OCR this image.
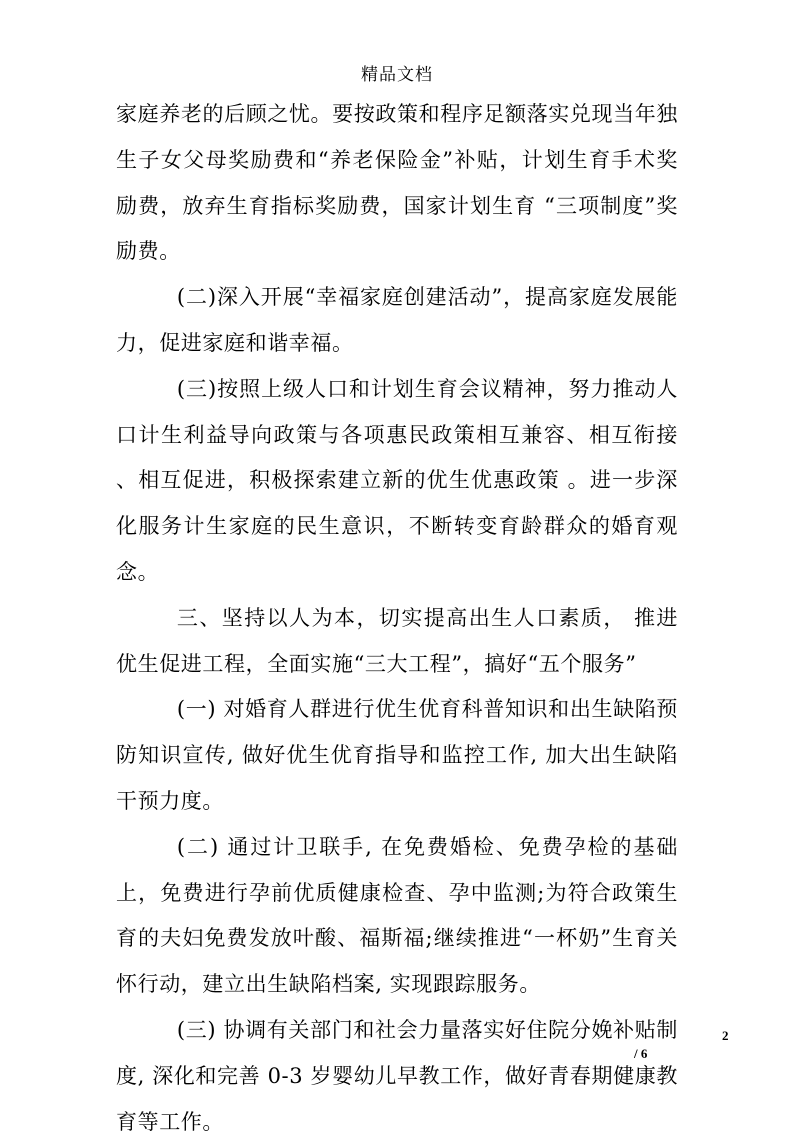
精品文档

家庭养老的后顾之忧。要按政策和程序足额落实兑现当年独生子女父母奖励费和“养老保险金”补贴，计划生育手术奖励费，放弃生育指标奖励费，国家计划生育 “三项制度”奖励费。

(二)深入开展“幸福家庭创建活动”，提高家庭发展能力，促进家庭和谐幸福。

(三)按照上级人口和计划生育会议精神，努力推动人口计生利益导向政策与各项惠民政策相互兼容、相互衔接 、相互促进，积极探索建立新的优生优惠政策 。进一步深化服务计生家庭的民生意识，不断转变育龄群众的婚育观念。

三、坚持以人为本，切实提高出生人口素质， 推进优生促进工程，全面实施“三大工程”，搞好“五个服务”

(一) 对婚育人群进行优生优育科普知识和出生缺陷预防知识宣传, 做好优生优育指导和监控工作, 加大出生缺陷干预力度。

(二) 通过计卫联手, 在免费婚检、免费孕检的基础上，免费进行孕前优质健康检查、孕中监测;为符合政策生育的夫妇免费发放叶酸、福斯福;继续推进“一杯奶”生育关怀行动，建立出生缺陷档案, 实现跟踪服务。

(三) 协调有关部门和社会力量落实好住院分娩补贴制度, 深化和完善 0-3 岁婴幼儿早教工作，做好青春期健康教育等工作。

2
/ 6
